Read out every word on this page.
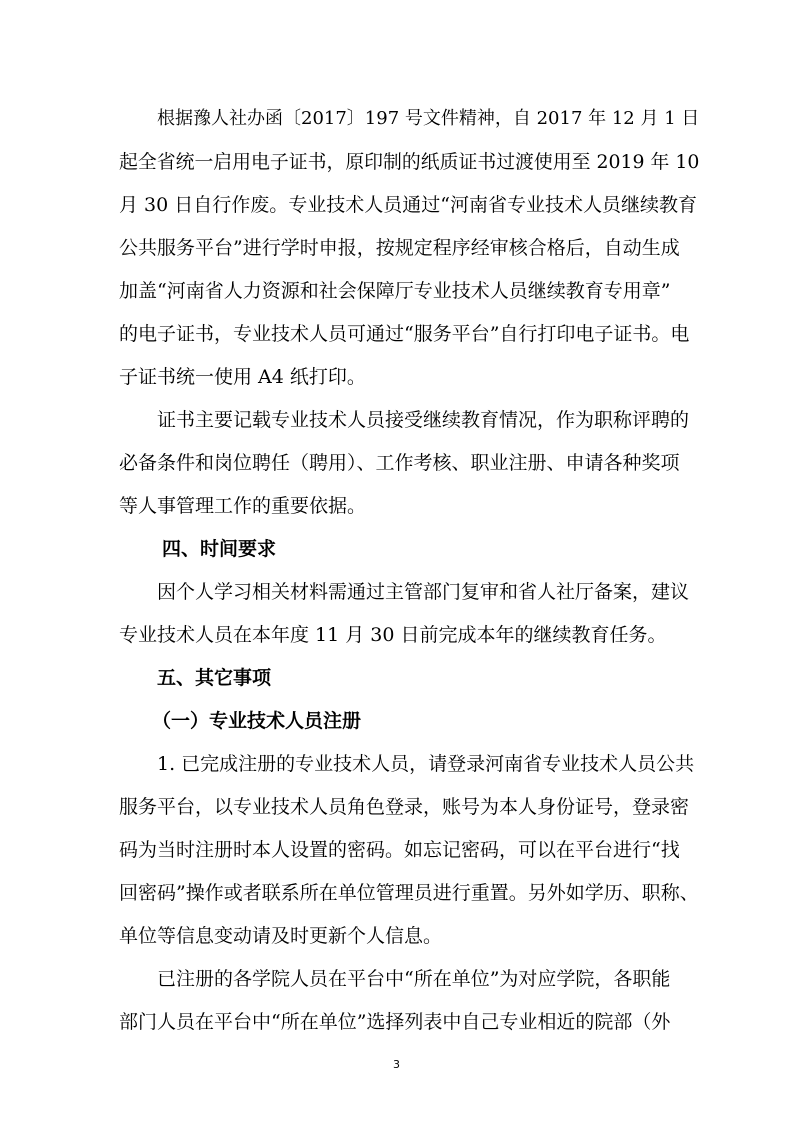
根据豫人社办函〔2017〕197 号文件精神，自 2017 年 12 月 1 日
起全省统一启用电子证书，原印制的纸质证书过渡使用至 2019 年 10
月 30 日自行作废。专业技术人员通过“河南省专业技术人员继续教育
公共服务平台”进行学时申报，按规定程序经审核合格后，自动生成
加盖“河南省人力资源和社会保障厅专业技术人员继续教育专用章”
的电子证书，专业技术人员可通过“服务平台”自行打印电子证书。电
子证书统一使用 A4 纸打印。
证书主要记载专业技术人员接受继续教育情况，作为职称评聘的
必备条件和岗位聘任（聘用）、工作考核、职业注册、申请各种奖项
等人事管理工作的重要依据。
四、时间要求
因个人学习相关材料需通过主管部门复审和省人社厅备案，建议
专业技术人员在本年度 11 月 30 日前完成本年的继续教育任务。
五、其它事项
（一）专业技术人员注册
1. 已完成注册的专业技术人员，请登录河南省专业技术人员公共
服务平台，以专业技术人员角色登录，账号为本人身份证号，登录密
码为当时注册时本人设置的密码。如忘记密码，可以在平台进行“找
回密码”操作或者联系所在单位管理员进行重置。另外如学历、职称、
单位等信息变动请及时更新个人信息。
已注册的各学院人员在平台中“所在单位”为对应学院，各职能
部门人员在平台中“所在单位”选择列表中自己专业相近的院部（外
3
